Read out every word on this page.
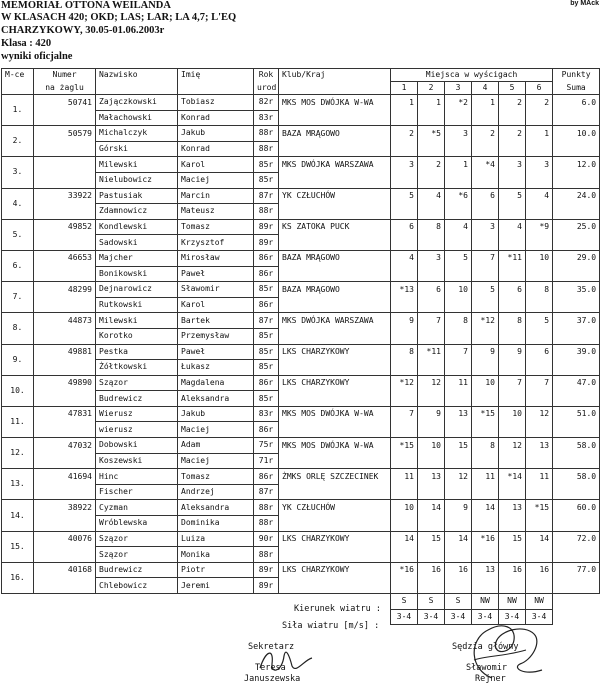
by MAck
MEMORIAŁ OTTONA WEILANDA
W KLASACH 420; OKD; LAS; LAR; LA 4,7; L'EQ
CHARZYKOWY, 30.05-01.06.2003r
Klasa : 420
wyniki oficjalne
M-ce	Numer	Nazwisko	Imię	Rok	Klub/Kraj	Miejsca w wyścigach						Punkty
	na żaglu			urod		1	2	3	4	5	6	Suma
1.	50741	Zajączkowski	Tobiasz	82r	MKS MOS DWÓJKA W-WA	1	1	*2	1	2	2	6.0
		Małachowski	Konrad	83r								
2.	50579	Michalczyk	Jakub	88r	BAZA MRĄGOWO	2	*5	3	2	2	1	10.0
		Górski	Konrad	88r								
3.		Milewski	Karol	85r	MKS DWÓJKA WARSZAWA	3	2	1	*4	3	3	12.0
		Nielubowicz	Maciej	85r								
4.	33922	Pastusiak	Marcin	87r	YK CZŁUCHÓW	5	4	*6	6	5	4	24.0
		Zdamnowicz	Mateusz	88r								
5.	49852	Kondlewski	Tomasz	89r	KS ZATOKA PUCK	6	8	4	3	4	*9	25.0
		Sadowski	Krzysztof	89r								
6.	46653	Majcher	Mirosław	86r	BAZA MRĄGOWO	4	3	5	7	*11	10	29.0
		Bonikowski	Paweł	86r								
7.	48299	Dejnarowicz	Sławomir	85r	BAZA MRĄGOWO	*13	6	10	5	6	8	35.0
		Rutkowski	Karol	86r								
8.	44873	Milewski	Bartek	87r	MKS DWÓJKA WARSZAWA	9	7	8	*12	8	5	37.0
		Korotko	Przemysław	85r								
9.	49881	Pestka	Paweł	85r	LKS CHARZYKOWY	8	*11	7	9	9	6	39.0
		Żółtkowski	Łukasz	85r								
10.	49890	Szązor	Magdalena	86r	LKS CHARZYKOWY	*12	12	11	10	7	7	47.0
		Budrewicz	Aleksandra	85r								
11.	47831	Wierusz	Jakub	83r	MKS MOS DWÓJKA W-WA	7	9	13	*15	10	12	51.0
		wierusz	Maciej	86r								
12.	47032	Dobowski	Adam	75r	MKS MOS DWÓJKA W-WA	*15	10	15	8	12	13	58.0
		Koszewski	Maciej	71r								
13.	41694	Hinc	Tomasz	86r	ŻMKS ORLĘ SZCZECINEK	11	13	12	11	*14	11	58.0
		Fischer	Andrzej	87r								
14.	38922	Cyzman	Aleksandra	88r	YK CZŁUCHÓW	10	14	9	14	13	*15	60.0
		Wróblewska	Dominika	88r								
15.	40076	Szązor	Luiza	90r	LKS CHARZYKOWY	14	15	14	*16	15	14	72.0
		Szązor	Monika	88r								
16.	40168	Budrewicz	Piotr	89r	LKS CHARZYKOWY	*16	16	16	13	16	16	77.0
		Chlebowicz	Jeremi	89r								
						S	S	S	NW	NW	NW	
						3-4	3-4	3-4	3-4	3-4	3-4	
Kierunek wiatru :
Siła wiatru [m/s] :
Sekretarz
Teresa
Januszewska
Sędzia główny
Sławomir
Rejner
